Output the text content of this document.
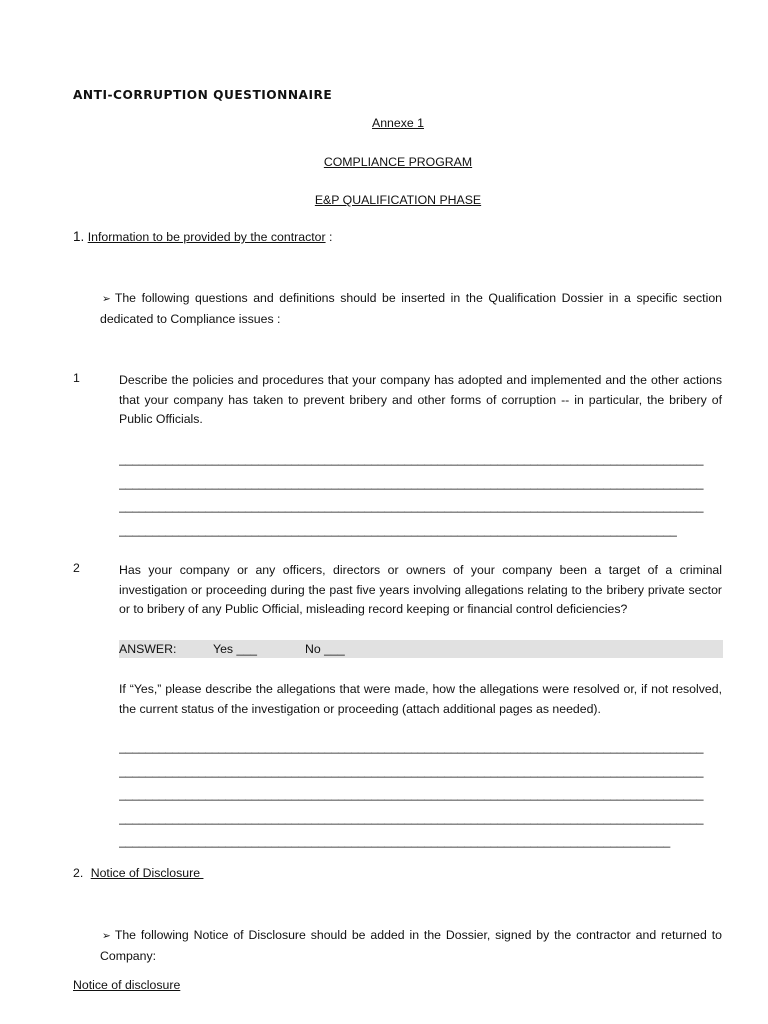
ANTI-CORRUPTION QUESTIONNAIRE
Annexe 1
COMPLIANCE PROGRAM
E&P QUALIFICATION PHASE
1. Information to be provided by the contractor :
➢ The following questions and definitions should be inserted in the Qualification Dossier in a specific section dedicated to Compliance issues :
1	Describe the policies and procedures that your company has adopted and implemented and the other actions that your company has taken to prevent bribery and other forms of corruption -- in particular, the bribery of Public Officials.
________________________________________________________________________________________
________________________________________________________________________________________
________________________________________________________________________________________
____________________________________________________________________________________
2	Has your company or any officers, directors or owners of your company been a target of a criminal investigation or proceeding during the past five years involving allegations relating to the bribery private sector or to bribery of any Public Official, misleading record keeping or financial control deficiencies?
ANSWER:	Yes ___	No ___
If “Yes,” please describe the allegations that were made, how the allegations were resolved or, if not resolved, the current status of the investigation or proceeding (attach additional pages as needed).
________________________________________________________________________________________
________________________________________________________________________________________
________________________________________________________________________________________
________________________________________________________________________________________
___________________________________________________________________________________
2. Notice of Disclosure
➢ The following Notice of Disclosure should be added in the Dossier, signed by the contractor and returned to Company:
Notice of disclosure
